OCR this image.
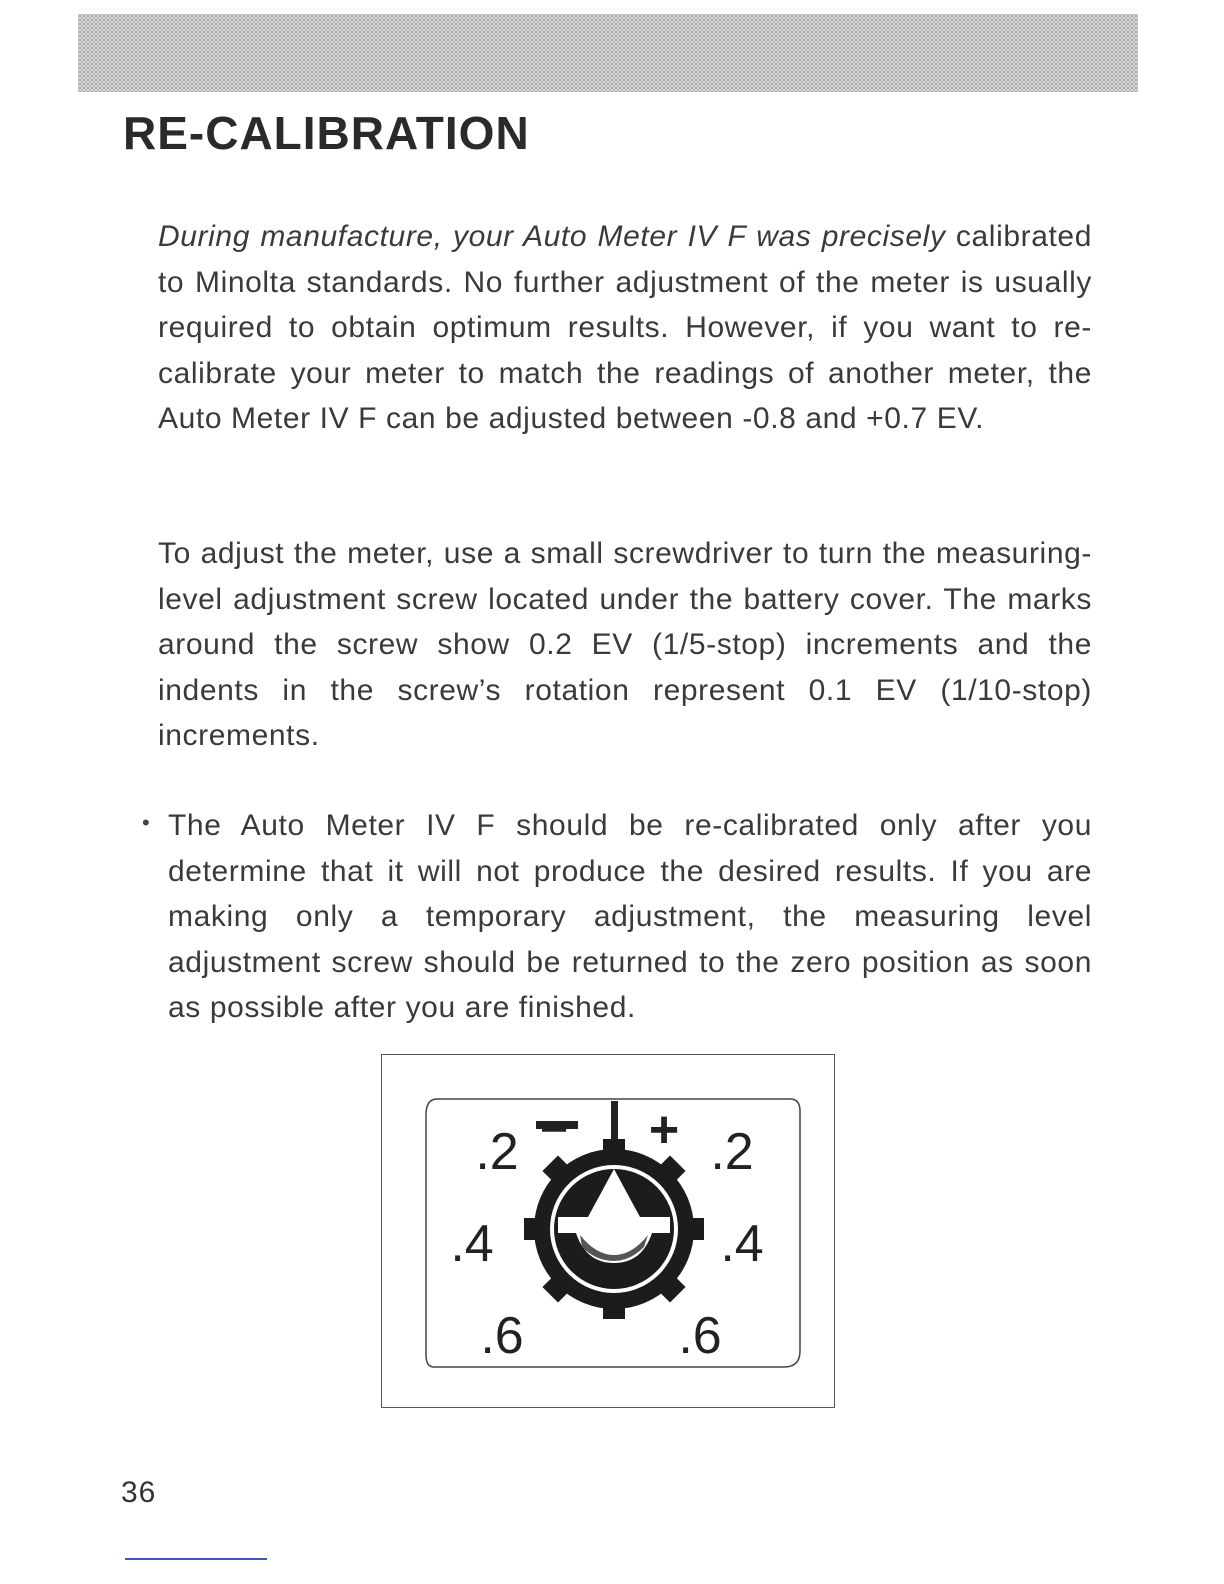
RE-CALIBRATION

During manufacture, your Auto Meter IV F was precisely calibrated to Minolta standards. No further adjustment of the meter is usually required to obtain optimum results. However, if you want to re-calibrate your meter to match the readings of another meter, the Auto Meter IV F can be adjusted between -0.8 and +0.7 EV.

To adjust the meter, use a small screwdriver to turn the measuring-level adjustment screw located under the battery cover. The marks around the screw show 0.2 EV (1/5-stop) increments and the indents in the screw’s rotation represent 0.1 EV (1/10-stop) increments.

• The Auto Meter IV F should be re-calibrated only after you determine that it will not produce the desired results. If you are making only a temporary adjustment, the measuring level adjustment screw should be returned to the zero position as soon as possible after you are finished.

− +
.2
.4
.6
.2
.4
.6

36
